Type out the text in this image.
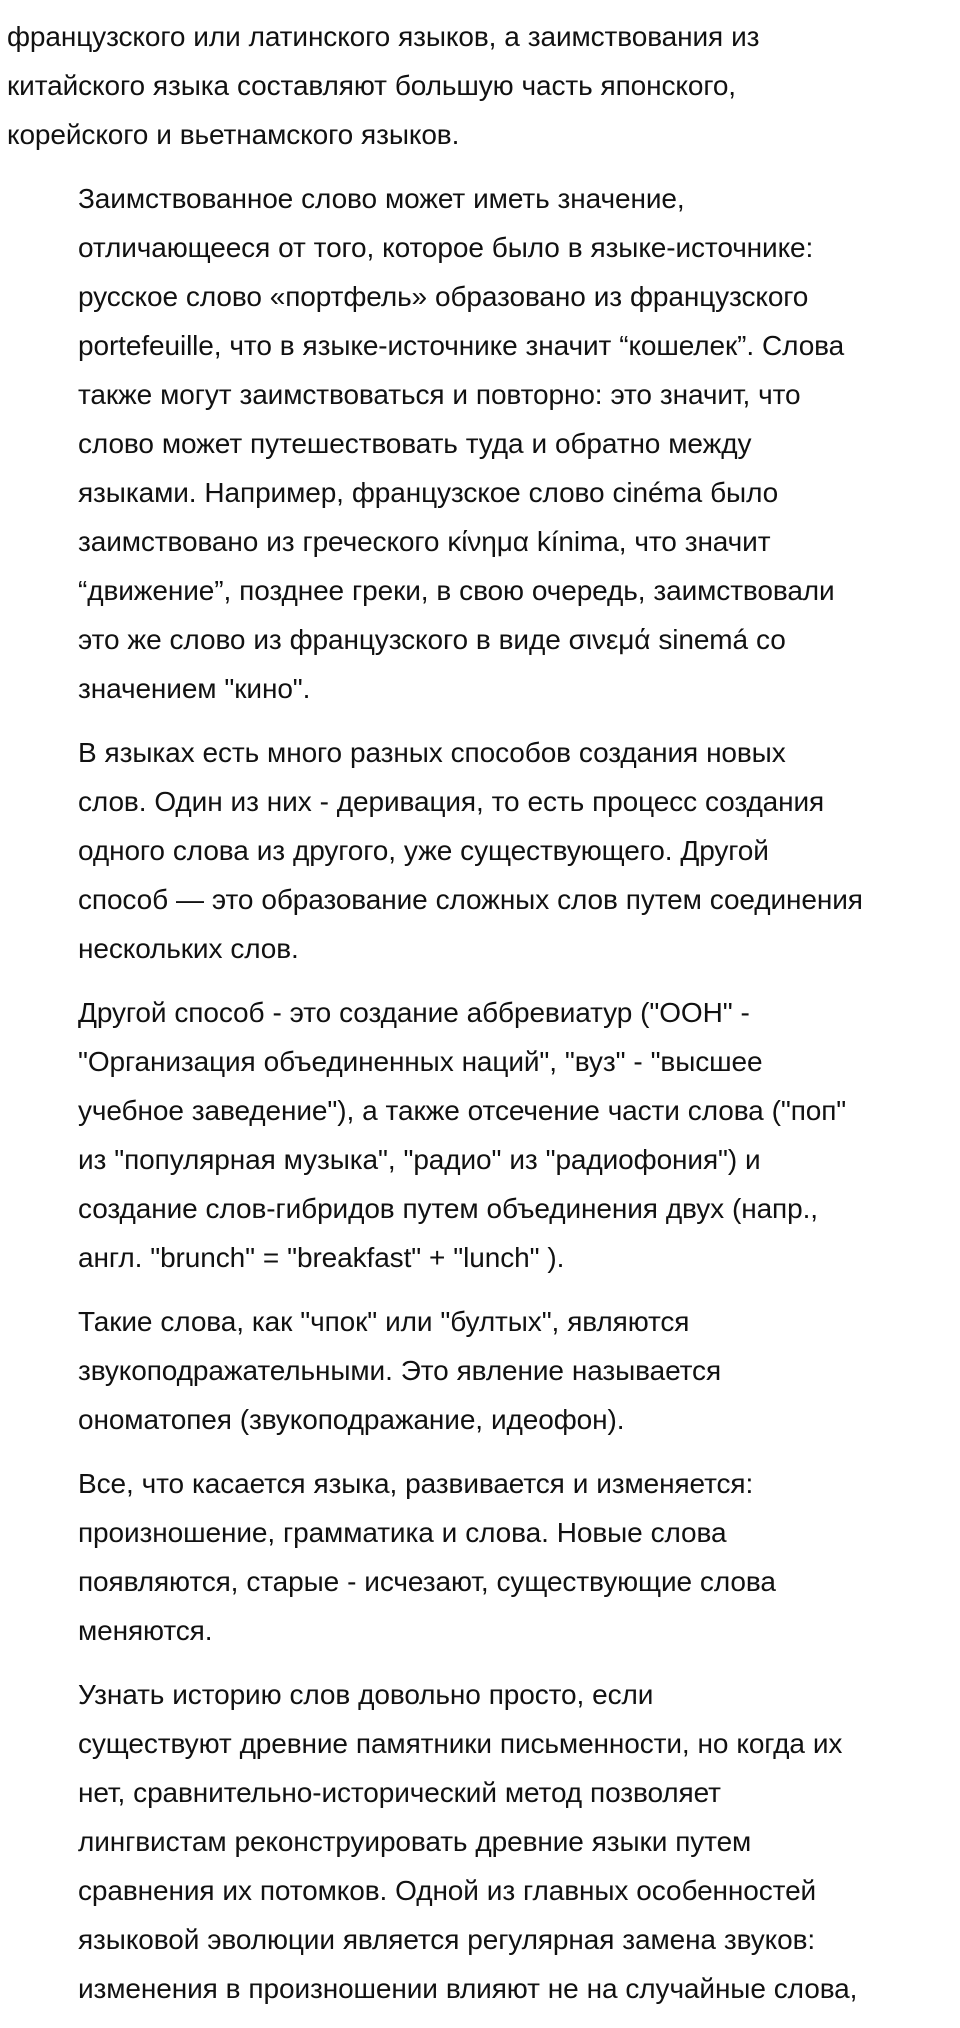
французского или латинского языков, а заимствования из
китайского языка составляют большую часть японского,
корейского и вьетнамского языков.

Заимствованное слово может иметь значение,
отличающееся от того, которое было в языке-источнике:
русское слово «портфель» образовано из французского
portefeuille, что в языке-источнике значит “кошелек”. Слова
также могут заимствоваться и повторно: это значит, что
слово может путешествовать туда и обратно между
языками. Например, французское слово cinéma было
заимствовано из греческого κίνημα kínima, что значит
“движение”, позднее греки, в свою очередь, заимствовали
это же слово из французского в виде σινεμά sinemá со
значением "кино".

В языках есть много разных способов создания новых
слов. Один из них - деривация, то есть процесс создания
одного слова из другого, уже существующего. Другой
способ — это образование сложных слов путем соединения
нескольких слов.

Другой способ - это создание аббревиатур ("ООН" -
"Организация объединенных наций", "вуз" - "высшее
учебное заведение"), а также отсечение части слова ("поп"
из "популярная музыка", "радио" из "радиофония") и
создание слов-гибридов путем объединения двух (напр.,
англ. "brunch" = "breakfast" + "lunch" ).

Такие слова, как "чпок" или "бултых", являются
звукоподражательными. Это явление называется
ономатопея (звукоподражание, идеофон).

Все, что касается языка, развивается и изменяется:
произношение, грамматика и слова. Новые слова
появляются, старые - исчезают, существующие слова
меняются.

Узнать историю слов довольно просто, если
существуют древние памятники письменности, но когда их
нет, сравнительно-исторический метод позволяет
лингвистам реконструировать древние языки путем
сравнения их потомков. Одной из главных особенностей
языковой эволюции является регулярная замена звуков:
изменения в произношении влияют не на случайные слова,
